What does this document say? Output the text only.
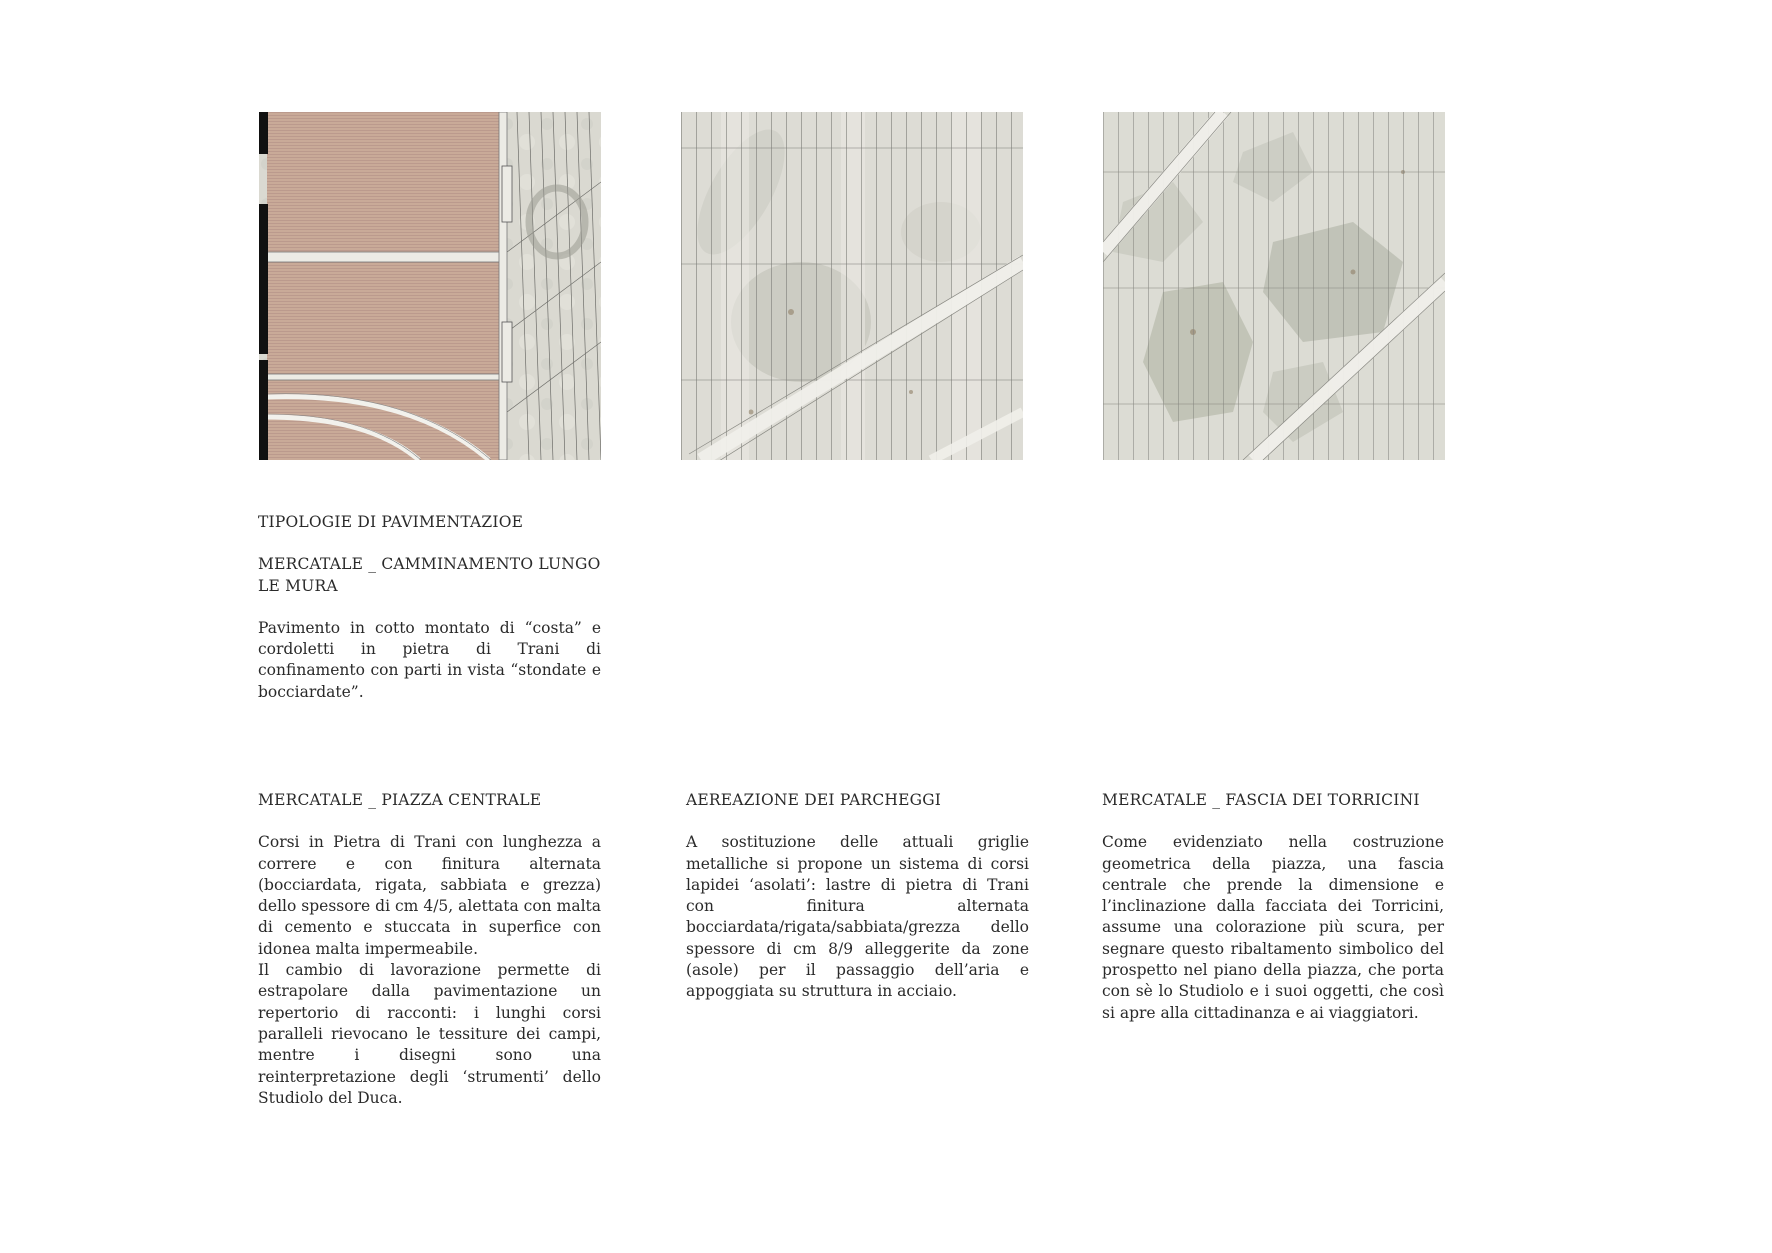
TIPOLOGIE DI PAVIMENTAZIOE

MERCATALE _ CAMMINAMENTO LUNGO LE MURA

Pavimento in cotto montato di “costa” e cordoletti in pietra di Trani di confinamento con parti in vista “stondate e bocciardate”.

MERCATALE _ PIAZZA CENTRALE

Corsi in Pietra di Trani con lunghezza a correre e con finitura alternata (bocciardata, rigata, sabbiata e grezza) dello spessore di cm 4/5, alettata con malta di cemento e stuccata in superfice con idonea malta impermeabile.

Il cambio di lavorazione permette di estrapolare dalla pavimentazione un repertorio di racconti: i lunghi corsi paralleli rievocano le tessiture dei campi, mentre i disegni sono una reinterpretazione degli ‘strumenti’ dello Studiolo del Duca.

AEREAZIONE DEI PARCHEGGI

A sostituzione delle attuali griglie metalliche si propone un sistema di corsi lapidei ‘asolati’: lastre di pietra di Trani con finitura alternata bocciardata/rigata/sabbiata/grezza dello spessore di cm 8/9 alleggerite da zone (asole) per il passaggio dell’aria e appoggiata su struttura in acciaio.

MERCATALE _ FASCIA DEI TORRICINI

Come evidenziato nella costruzione geometrica della piazza, una fascia centrale che prende la dimensione e l’inclinazione dalla facciata dei Torricini, assume una colorazione più scura, per segnare questo ribaltamento simbolico del prospetto nel piano della piazza, che porta con sè lo Studiolo e i suoi oggetti, che così si apre alla cittadinanza e ai viaggiatori.
